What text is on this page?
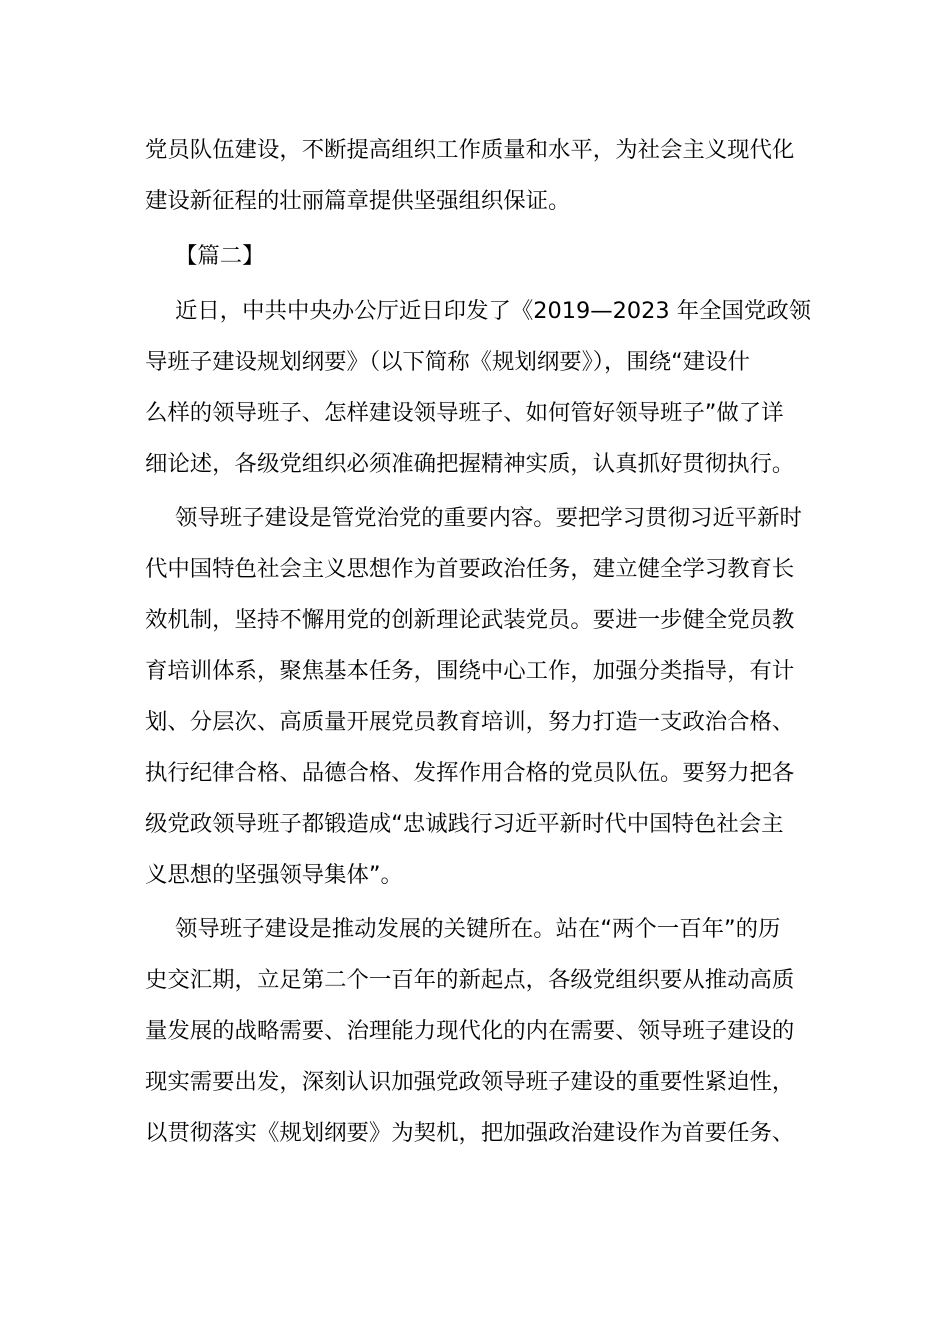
党员队伍建设，不断提高组织工作质量和水平，为社会主义现代化
建设新征程的壮丽篇章提供坚强组织保证。
【篇二】
近日，中共中央办公厅近日印发了《2019—2023 年全国党政领
导班子建设规划纲要》（以下简称《规划纲要》），围绕“建设什
么样的领导班子、怎样建设领导班子、如何管好领导班子”做了详
细论述，各级党组织必须准确把握精神实质，认真抓好贯彻执行。
领导班子建设是管党治党的重要内容。要把学习贯彻习近平新时
代中国特色社会主义思想作为首要政治任务，建立健全学习教育长
效机制，坚持不懈用党的创新理论武装党员。要进一步健全党员教
育培训体系，聚焦基本任务，围绕中心工作，加强分类指导，有计
划、分层次、高质量开展党员教育培训，努力打造一支政治合格、
执行纪律合格、品德合格、发挥作用合格的党员队伍。要努力把各
级党政领导班子都锻造成“忠诚践行习近平新时代中国特色社会主
义思想的坚强领导集体”。
领导班子建设是推动发展的关键所在。站在“两个一百年”的历
史交汇期，立足第二个一百年的新起点，各级党组织要从推动高质
量发展的战略需要、治理能力现代化的内在需要、领导班子建设的
现实需要出发，深刻认识加强党政领导班子建设的重要性紧迫性，
以贯彻落实《规划纲要》为契机，把加强政治建设作为首要任务、
